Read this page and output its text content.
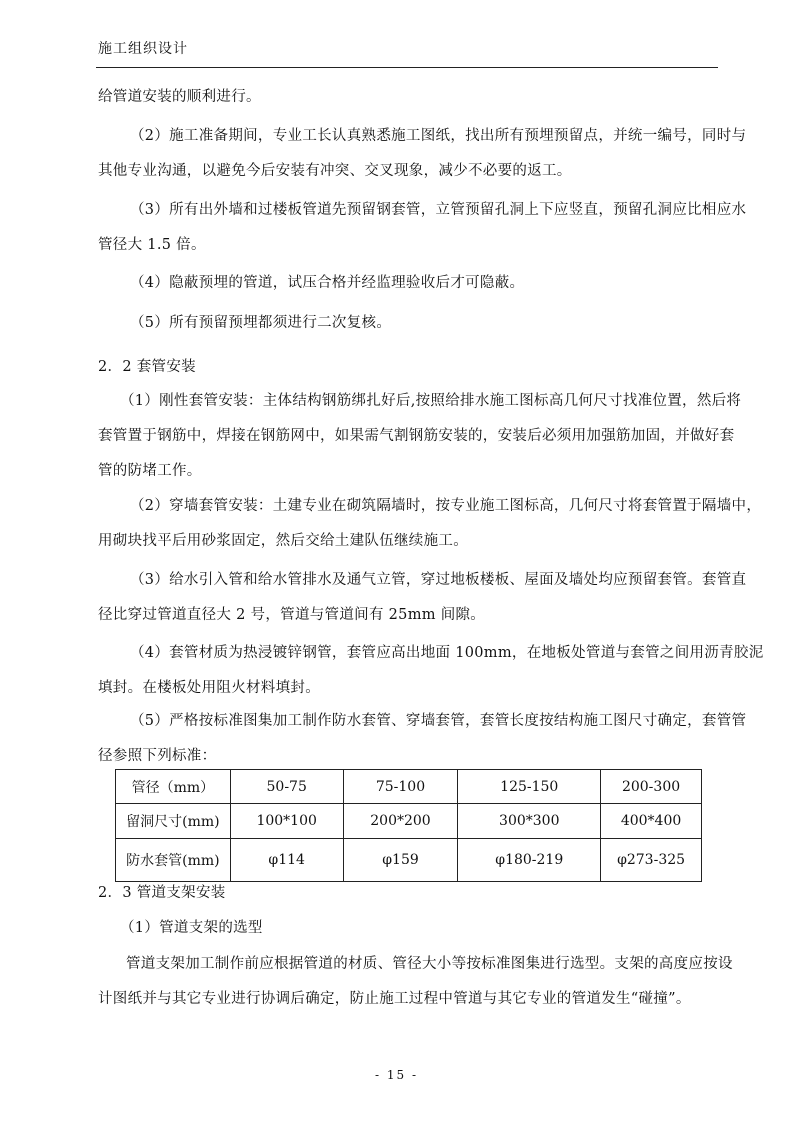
施工组织设计
给管道安装的顺利进行。
（2）施工准备期间，专业工长认真熟悉施工图纸，找出所有预埋预留点，并统一编号，同时与
其他专业沟通，以避免今后安装有冲突、交叉现象，减少不必要的返工。
（3）所有出外墙和过楼板管道先预留钢套管，立管预留孔洞上下应竖直，预留孔洞应比相应水
管径大 1.5 倍。
（4）隐蔽预埋的管道，试压合格并经监理验收后才可隐蔽。
（5）所有预留预埋都须进行二次复核。
2．2 套管安装
（1）刚性套管安装：主体结构钢筋绑扎好后,按照给排水施工图标高几何尺寸找准位置，然后将
套管置于钢筋中，焊接在钢筋网中，如果需气割钢筋安装的，安装后必须用加强筋加固，并做好套
管的防堵工作。
（2）穿墙套管安装：土建专业在砌筑隔墙时，按专业施工图标高，几何尺寸将套管置于隔墙中，
用砌块找平后用砂浆固定，然后交给土建队伍继续施工。
（3）给水引入管和给水管排水及通气立管，穿过地板楼板、屋面及墙处均应预留套管。套管直
径比穿过管道直径大 2 号，管道与管道间有 25mm 间隙。
（4）套管材质为热浸镀锌钢管，套管应高出地面 100mm，在地板处管道与套管之间用沥青胶泥
填封。在楼板处用阻火材料填封。
（5）严格按标准图集加工制作防水套管、穿墙套管，套管长度按结构施工图尺寸确定，套管管
径参照下列标准：
管径（mm）	50-75	75-100	125-150	200-300
留洞尺寸(mm)	100*100	200*200	300*300	400*400
防水套管(mm)	φ114	φ159	φ180-219	φ273-325
2．3 管道支架安装
（1）管道支架的选型
管道支架加工制作前应根据管道的材质、管径大小等按标准图集进行选型。支架的高度应按设
计图纸并与其它专业进行协调后确定，防止施工过程中管道与其它专业的管道发生“碰撞”。
- 15 -
